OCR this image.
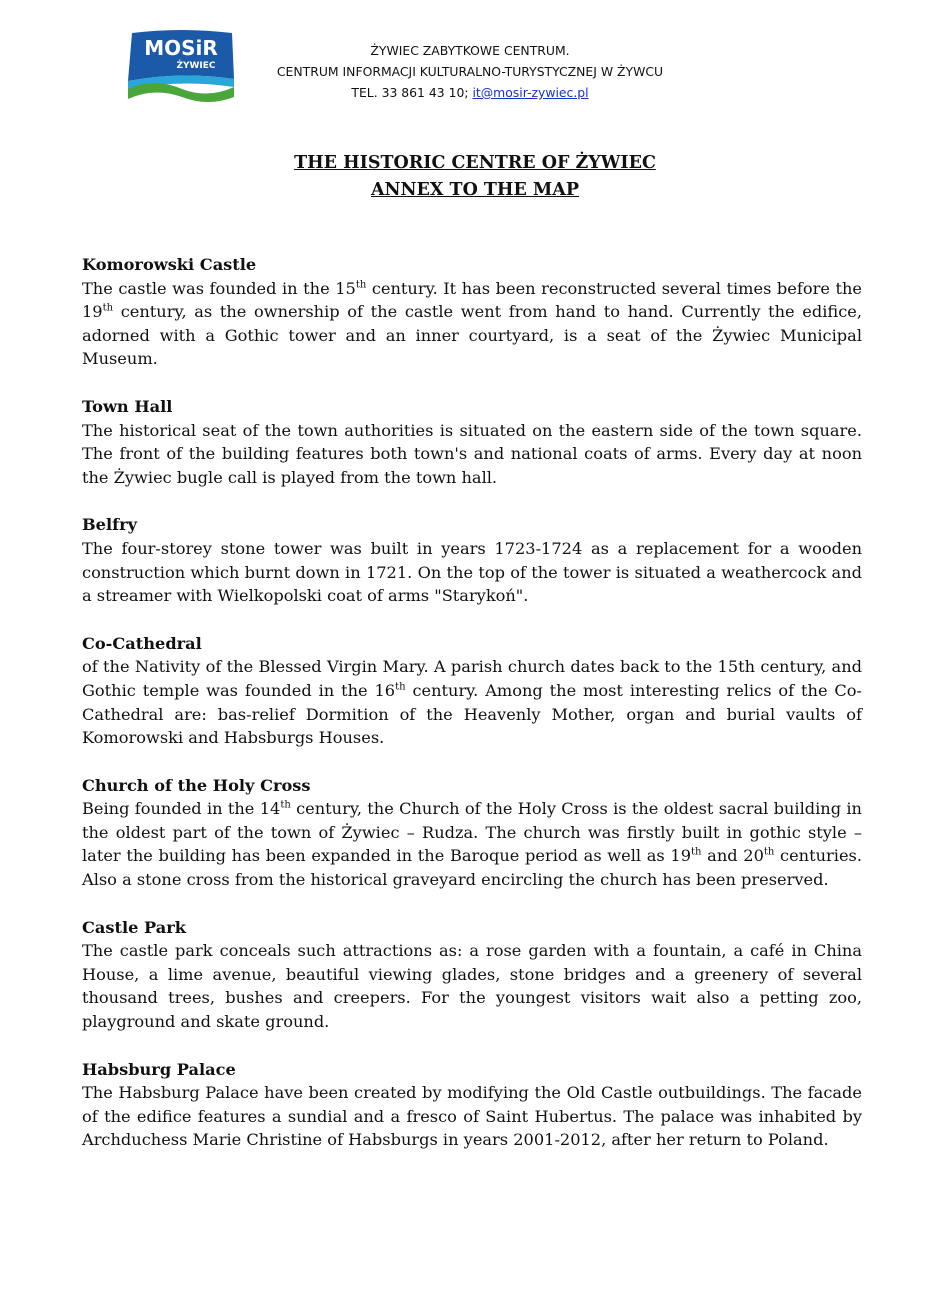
MOSiR
ŻYWIEC
ŻYWIEC ZABYTKOWE CENTRUM.
CENTRUM INFORMACJI KULTURALNO-TURYSTYCZNEJ W ŻYWCU
TEL. 33 861 43 10; it@mosir-zywiec.pl
THE HISTORIC CENTRE OF ŻYWIEC
ANNEX TO THE MAP
Komorowski Castle

The castle was founded in the 15th century. It has been reconstructed several times before the 19th century, as the ownership of the castle went from hand to hand. Currently the edifice, adorned with a Gothic tower and an inner courtyard, is a seat of the Żywiec Municipal Museum.

Town Hall

The historical seat of the town authorities is situated on the eastern side of the town square. The front of the building features both town's and national coats of arms. Every day at noon the Żywiec bugle call is played from the town hall.

Belfry

The four-storey stone tower was built in years 1723-1724 as a replacement for a wooden construction which burnt down in 1721. On the top of the tower is situated a weathercock and a streamer with Wielkopolski coat of arms "Starykoń".

Co-Cathedral

of the Nativity of the Blessed Virgin Mary. A parish church dates back to the 15th century, and Gothic temple was founded in the 16th century. Among the most interesting relics of the Co-Cathedral are: bas-relief Dormition of the Heavenly Mother, organ and burial vaults of Komorowski and Habsburgs Houses.

Church of the Holy Cross

Being founded in the 14th century, the Church of the Holy Cross is the oldest sacral building in the oldest part of the town of Żywiec – Rudza. The church was firstly built in gothic style – later the building has been expanded in the Baroque period as well as 19th and 20th centuries. Also a stone cross from the historical graveyard encircling the church has been preserved.

Castle Park

The castle park conceals such attractions as: a rose garden with a fountain, a café in China House, a lime avenue, beautiful viewing glades, stone bridges and a greenery of several thousand trees, bushes and creepers. For the youngest visitors wait also a petting zoo, playground and skate ground.

Habsburg Palace

The Habsburg Palace have been created by modifying the Old Castle outbuildings. The facade of the edifice features a sundial and a fresco of Saint Hubertus. The palace was inhabited by Archduchess Marie Christine of Habsburgs in years 2001-2012, after her return to Poland.
